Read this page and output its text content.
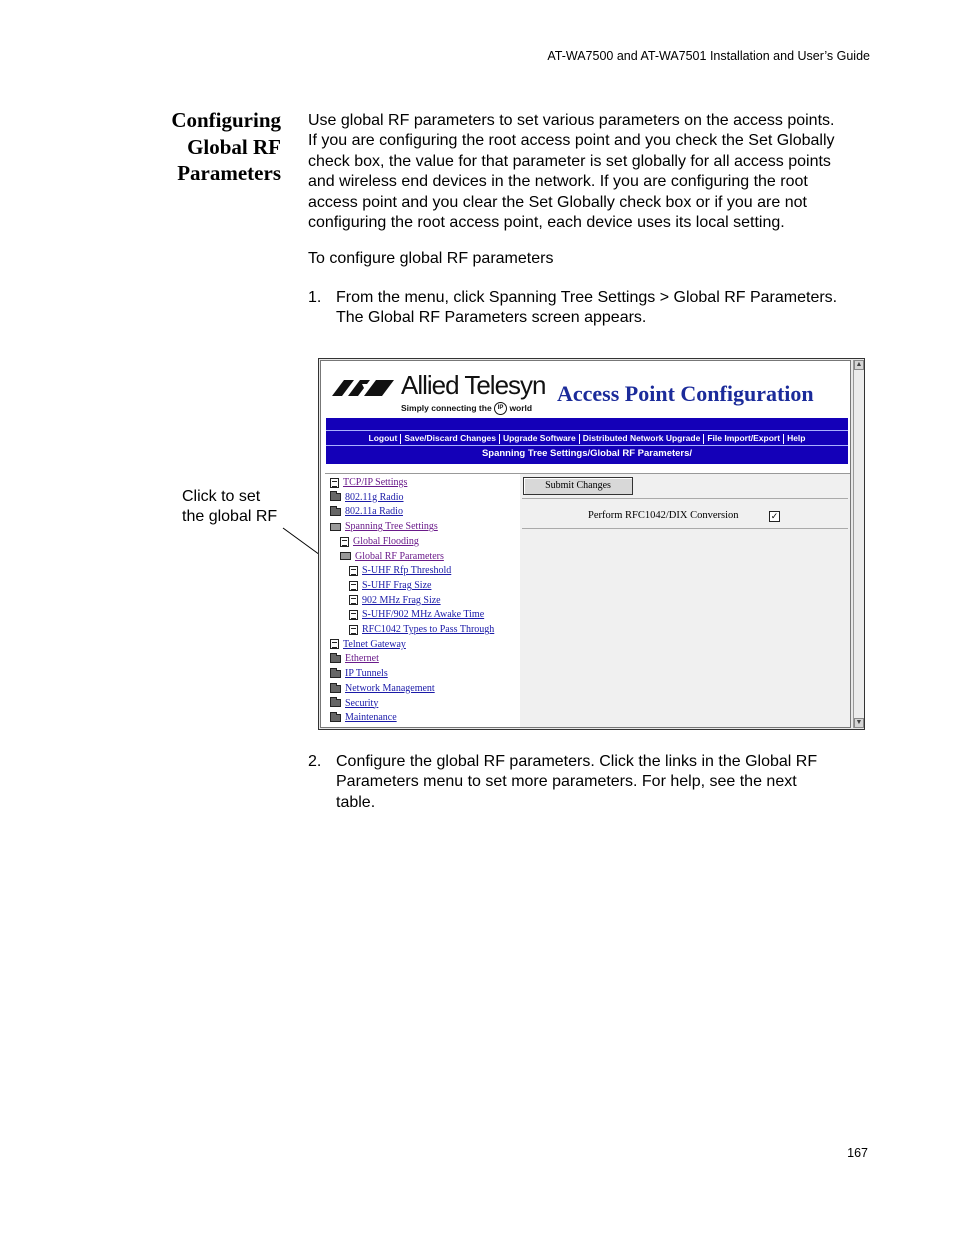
AT-WA7500 and AT-WA7501 Installation and User’s Guide
Configuring
Global RF
Parameters
Use global RF parameters to set various parameters on the access points.
If you are configuring the root access point and you check the Set Globally
check box, the value for that parameter is set globally for all access points
and wireless end devices in the network. If you are configuring the root
access point and you clear the Set Globally check box or if you are not
configuring the root access point, each device uses its local setting.
To configure global RF parameters
1. From the menu, click Spanning Tree Settings > Global RF Parameters.
The Global RF Parameters screen appears.
Click to set
the global RF
Allied Telesyn
Simply connecting the IP world
Access Point Configuration
Logout Save/Discard Changes Upgrade Software Distributed Network Upgrade File Import/Export Help
Spanning Tree Settings/Global RF Parameters/
TCP/IP Settings
802.11g Radio
802.11a Radio
Spanning Tree Settings
Global Flooding
Global RF Parameters
S-UHF Rfp Threshold
S-UHF Frag Size
902 MHz Frag Size
S-UHF/902 MHz Awake Time
RFC1042 Types to Pass Through
Telnet Gateway
Ethernet
IP Tunnels
Network Management
Security
Maintenance
Submit Changes
Perform RFC1042/DIX Conversion	✓
▲
▼
2. Configure the global RF parameters. Click the links in the Global RF
Parameters menu to set more parameters. For help, see the next
table.
167
